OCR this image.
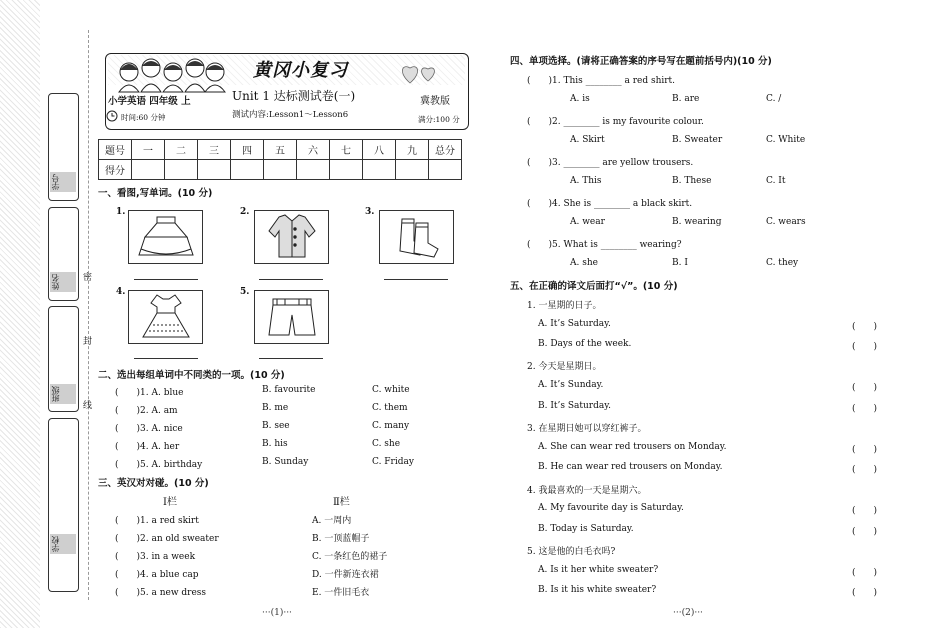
学号
姓名
班级
学校
密
封
线
黄冈小复习
小学英语 四年级 上	Unit 1 达标测试卷(一)	冀教版
测试内容:Lesson1～Lesson6
时间:60 分钟	满分:100 分
题号	一	二	三	四	五	六	七	八	九	总分
得分										
一、看图,写单词。(10 分)
1.	2.	3.
4.	5.
二、选出每组单词中不同类的一项。(10 分)
(　　)1. A. blue	B. favourite	C. white
(　　)2. A. am	B. me	C. them
(　　)3. A. nice	B. see	C. many
(　　)4. A. her	B. his	C. she
(　　)5. A. birthday	B. Sunday	C. Friday
三、英汉对对碰。(10 分)
Ⅰ栏	Ⅱ栏
(　　)1. a red skirt	A. 一周内
(　　)2. an old sweater	B. 一顶蓝帽子
(　　)3. in a week	C. 一条红色的裙子
(　　)4. a blue cap	D. 一件新连衣裙
(　　)5. a new dress	E. 一件旧毛衣
···(1)···
四、单项选择。(请将正确答案的序号写在题前括号内)(10 分)
(　　)1. This ________ a red shirt.
A. is	B. are	C. /
(　　)2. ________ is my favourite colour.
A. Skirt	B. Sweater	C. White
(　　)3. ________ are yellow trousers.
A. This	B. These	C. It
(　　)4. She is ________ a black skirt.
A. wear	B. wearing	C. wears
(　　)5. What is ________ wearing?
A. she	B. I	C. they
五、在正确的译文后面打“√”。(10 分)
1. 一星期的日子。
A. It’s Saturday.	(　　)
B. Days of the week.	(　　)
2. 今天是星期日。
A. It’s Sunday.	(　　)
B. It’s Saturday.	(　　)
3. 在星期日她可以穿红裤子。
A. She can wear red trousers on Monday.	(　　)
B. He can wear red trousers on Monday.	(　　)
4. 我最喜欢的一天是星期六。
A. My favourite day is Saturday.	(　　)
B. Today is Saturday.	(　　)
5. 这是他的白毛衣吗?
A. Is it her white sweater?	(　　)
B. Is it his white sweater?	(　　)
···(2)···
